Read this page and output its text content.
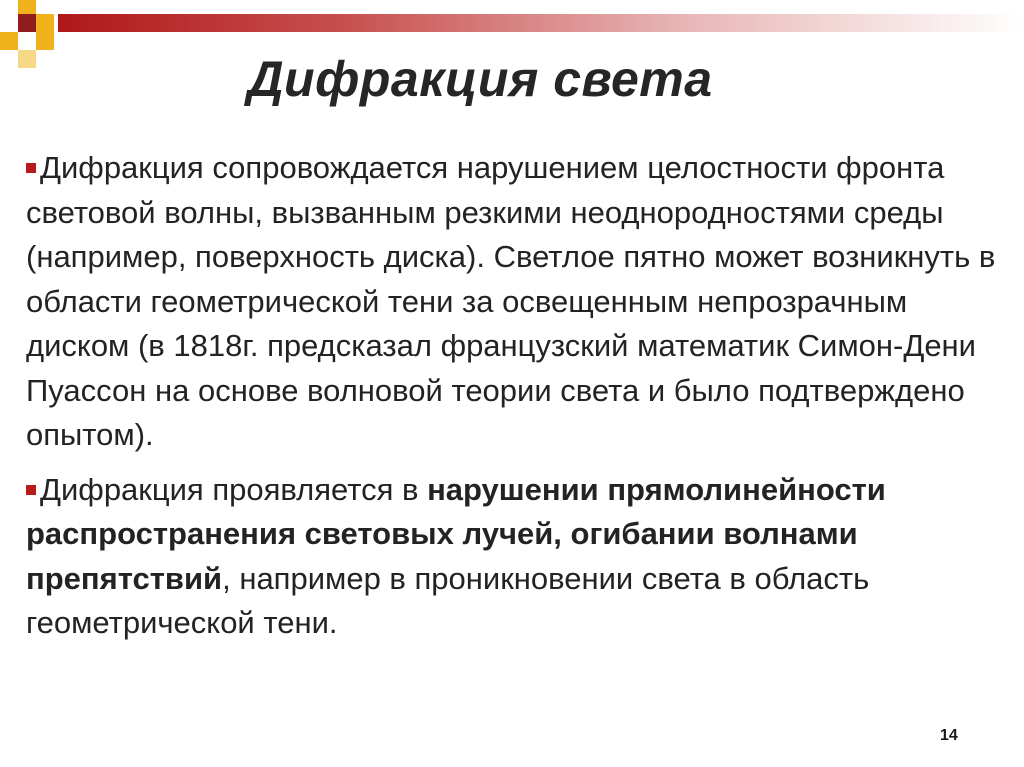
Дифракция света
Дифракция сопровождается нарушением целостности фронта световой волны, вызванным резкими неоднородностями среды (например, поверхность диска). Светлое пятно может возникнуть в области геометрической тени за освещенным непрозрачным диском (в 1818г. предсказал французский математик Симон-Дени Пуассон на основе волновой теории света и было подтверждено опытом).
Дифракция проявляется в нарушении прямолинейности распространения световых лучей, огибании волнами препятствий, например в проникновении света в область геометрической тени.
14
